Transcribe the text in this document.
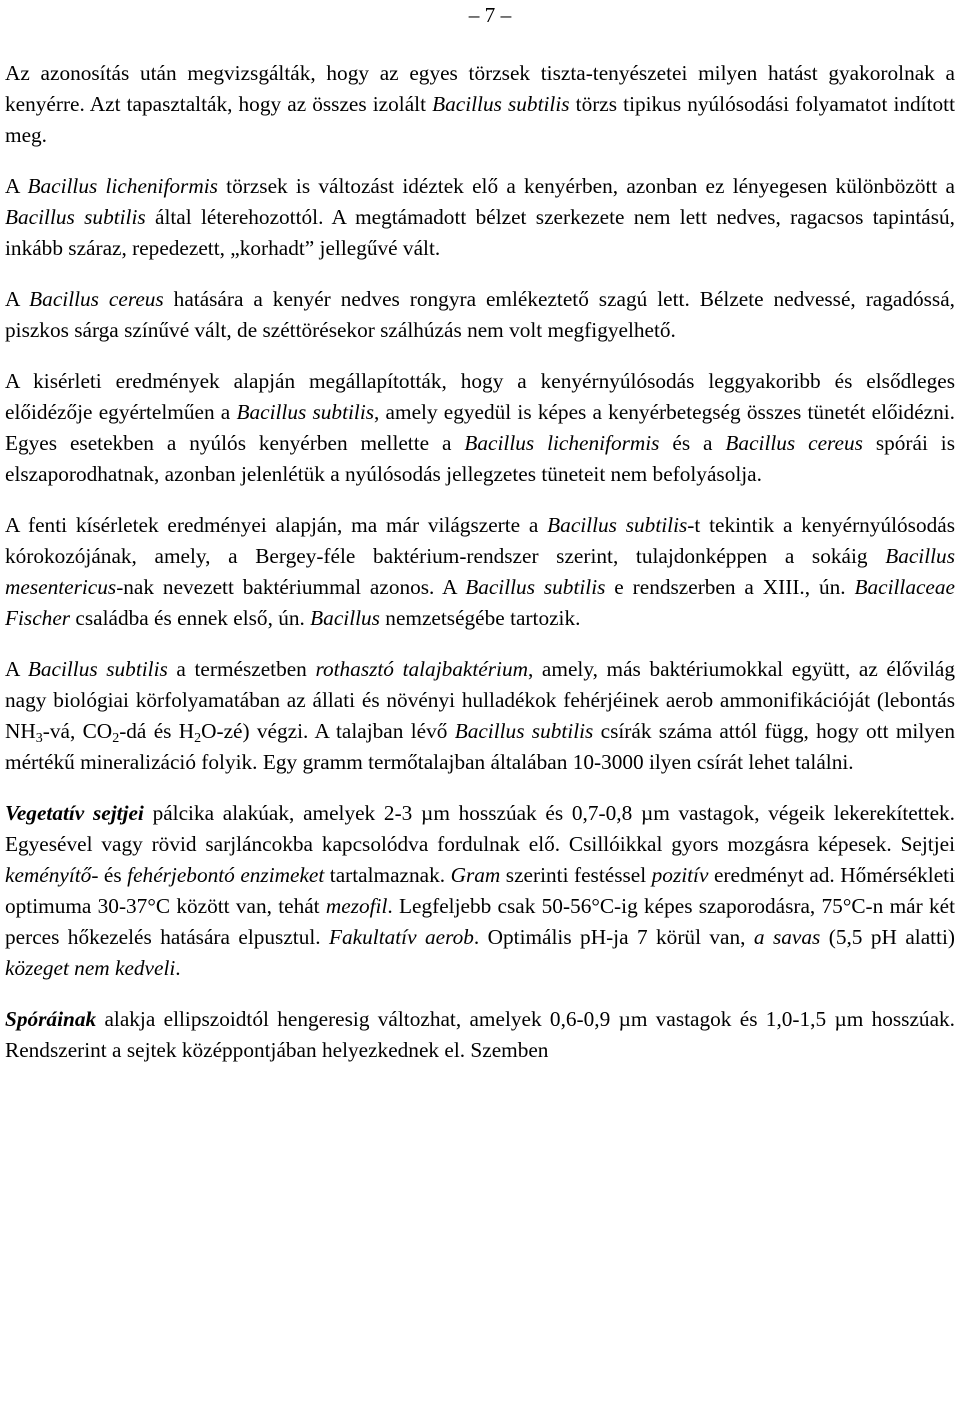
– 7 –

Az azonosítás után megvizsgálták, hogy az egyes törzsek tiszta-tenyészetei milyen hatást gyakorolnak a kenyérre. Azt tapasztalták, hogy az összes izolált Bacillus subtilis törzs tipikus nyúlósodási folyamatot indított meg.

A Bacillus licheniformis törzsek is változást idéztek elő a kenyérben, azonban ez lényegesen különbözött a Bacillus subtilis által léterehozottól. A megtámadott bélzet szerkezete nem lett nedves, ragacsos tapintású, inkább száraz, repedezett, „korhadt” jellegűvé vált.

A Bacillus cereus hatására a kenyér nedves rongyra emlékeztető szagú lett. Bélzete nedvessé, ragadóssá, piszkos sárga színűvé vált, de széttörésekor szálhúzás nem volt megfigyelhető.

A kisérleti eredmények alapján megállapították, hogy a kenyérnyúlósodás leggyakoribb és elsődleges előidézője egyértelműen a Bacillus subtilis, amely egyedül is képes a kenyérbetegség összes tünetét előidézni. Egyes esetekben a nyúlós kenyérben mellette a Bacillus licheniformis és a Bacillus cereus spórái is elszaporodhatnak, azonban jelenlétük a nyúlósodás jellegzetes tüneteit nem befolyásolja.

A fenti kísérletek eredményei alapján, ma már világszerte a Bacillus subtilis-t tekintik a kenyérnyúlósodás kórokozójának, amely, a Bergey-féle baktérium-rendszer szerint, tulajdonképpen a sokáig Bacillus mesentericus-nak nevezett baktériummal azonos. A Bacillus subtilis e rendszerben a XIII., ún. Bacillaceae Fischer családba és ennek első, ún. Bacillus nemzetségébe tartozik.

A Bacillus subtilis a természetben rothasztó talajbaktérium, amely, más baktériumokkal együtt, az élővilág nagy biológiai körfolyamatában az állati és növényi hulladékok fehérjéinek aerob ammonifikációját (lebontás $NH_3-vá$, $CO_2-dá$ és $H_2O-zé$) végzi. A talajban lévő Bacillus subtilis csírák száma attól függ, hogy ott milyen mértékű mineralizáció folyik. Egy gramm termőtalajban általában 10-3000 ilyen csírát lehet találni.

Vegetatív sejtjei pálcika alakúak, amelyek 2-3 µm hosszúak és 0,7-0,8 µm vastagok, végeik lekerekítettek. Egyesével vagy rövid sarjláncokba kapcsolódva fordulnak elő. Csillóikkal gyors mozgásra képesek. Sejtjei keményítő- és fehérjebontó enzimeket tartalmaznak. Gram szerinti festéssel pozitív eredményt ad. Hőmérsékleti optimuma 30-37°C között van, tehát mezofil. Legfeljebb csak 50-56°C-ig képes szaporodásra, 75°C-n már két perces hőkezelés hatására elpusztul. Fakultatív aerob. Optimális pH-ja 7 körül van, a savas (5,5 pH alatti) közeget nem kedveli.

Spóráinak alakja ellipszoidtól hengeresig változhat, amelyek 0,6-0,9 µm vastagok és 1,0-1,5 µm hosszúak. Rendszerint a sejtek középpontjában helyezkednek el. Szemben
